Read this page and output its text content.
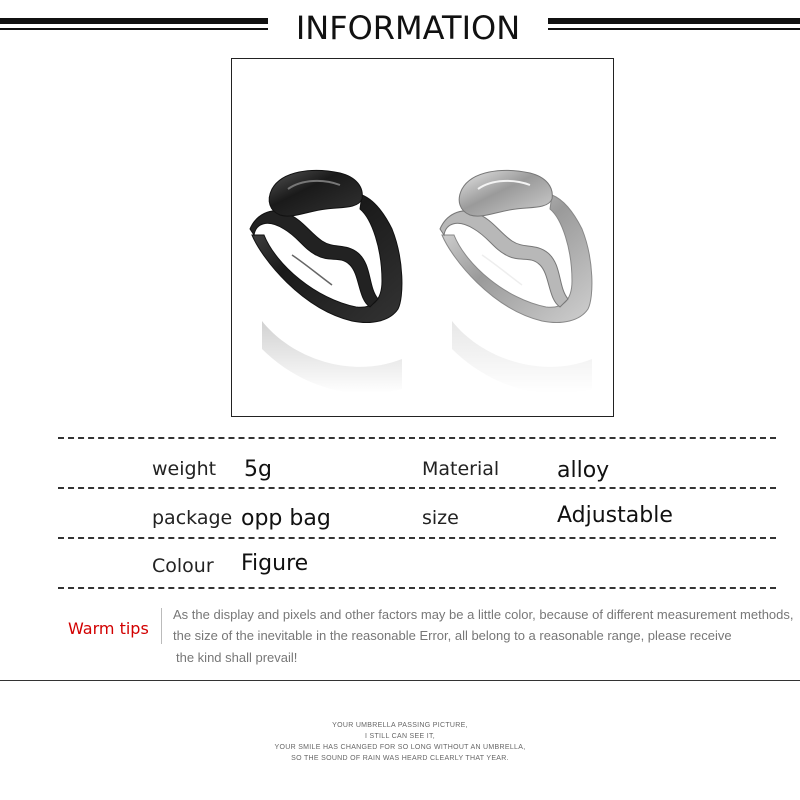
INFORMATION
weight 5g	Material	alloy
package opp bag	size	Adjustable
Colour Figure
Warm tips
As the display and pixels and other factors may be a little color, because of different measurement methods,
the size of the inevitable in the reasonable Error, all belong to a reasonable range, please receive
the kind shall prevail!
YOUR UMBRELLA PASSING PICTURE,
I STILL CAN SEE IT,
YOUR SMILE HAS CHANGED FOR SO LONG WITHOUT AN UMBRELLA,
SO THE SOUND OF RAIN WAS HEARD CLEARLY THAT YEAR.
